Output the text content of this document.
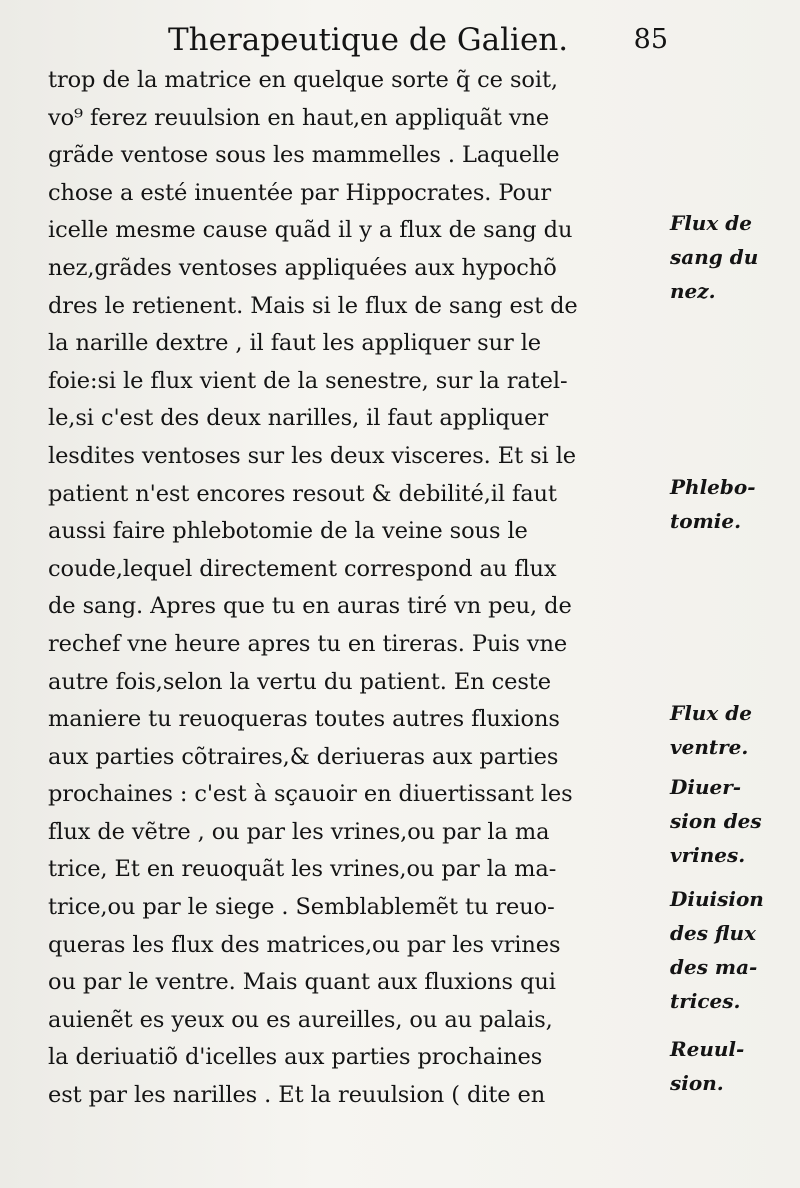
Therapeutique de Galien. 85
trop de la matrice en quelque sorte q̃ ce soit,
vo⁹ ferez reuulsion en haut,en appliquãt vne
grãde ventose sous les mammelles . Laquelle
chose a esté inuentée par Hippocrates. Pour
icelle mesme cause quãd il y a flux de sang du
nez,grãdes ventoses appliquées aux hypochõ
dres le retienent. Mais si le flux de sang est de
la narille dextre , il faut les appliquer sur le
foie:si le flux vient de la senestre, sur la ratel-
le,si c'est des deux narilles, il faut appliquer
lesdites ventoses sur les deux visceres. Et si le
patient n'est encores resout & debilité,il faut
aussi faire phlebotomie de la veine sous le
coude,lequel directement correspond au flux
de sang. Apres que tu en auras tiré vn peu, de
rechef vne heure apres tu en tireras. Puis vne
autre fois,selon la vertu du patient. En ceste
maniere tu reuoqueras toutes autres fluxions
aux parties cõtraires,& deriueras aux parties
prochaines : c'est à sçauoir en diuertissant les
flux de vẽtre , ou par les vrines,ou par la ma
trice, Et en reuoquãt les vrines,ou par la ma-
trice,ou par le siege . Semblablemẽt tu reuo-
queras les flux des matrices,ou par les vrines
ou par le ventre. Mais quant aux fluxions qui
auienẽt es yeux ou es aureilles, ou au palais,
la deriuatiõ d'icelles aux parties prochaines
est par les narilles . Et la reuulsion ( dite en
Flux de
sang du
nez.
Phlebo-
tomie.
Flux de
ventre.
Diuer-
sion des
vrines.
Diuision
des flux
des ma-
trices.
Reuul-
sion.
